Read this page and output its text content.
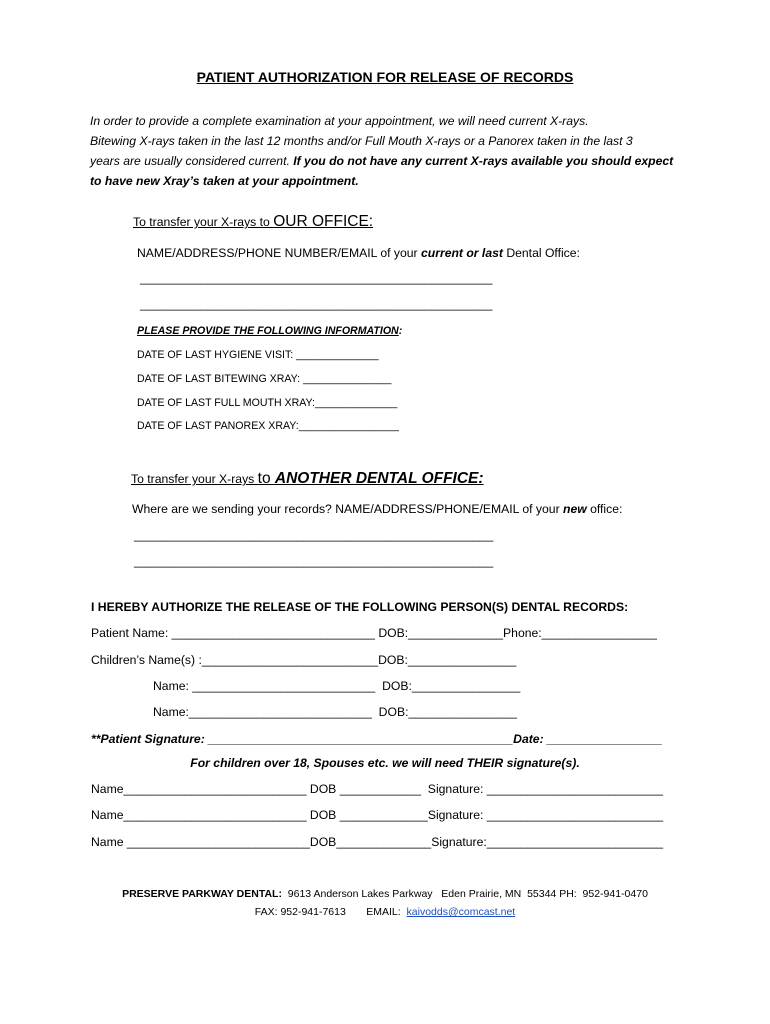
PATIENT AUTHORIZATION FOR RELEASE OF RECORDS
In order to provide a complete examination at your appointment, we will need current X-rays.
Bitewing X-rays taken in the last 12 months and/or Full Mouth X-rays or a Panorex taken in the last 3
years are usually considered current. If you do not have any current X-rays available you should expect
to have new Xray’s taken at your appointment.
To transfer your X-rays to OUR OFFICE:
NAME/ADDRESS/PHONE NUMBER/EMAIL of your current or last Dental Office:
____________________________________________________
____________________________________________________
PLEASE PROVIDE THE FOLLOWING INFORMATION:
DATE OF LAST HYGIENE VISIT: ______________
DATE OF LAST BITEWING XRAY: _______________
DATE OF LAST FULL MOUTH XRAY:______________
DATE OF LAST PANOREX XRAY:_________________
To transfer your X-rays to ANOTHER DENTAL OFFICE:
Where are we sending your records? NAME/ADDRESS/PHONE/EMAIL of your new office:
_____________________________________________________
_____________________________________________________
I HEREBY AUTHORIZE THE RELEASE OF THE FOLLOWING PERSON(S) DENTAL RECORDS:
Patient Name: ______________________________ DOB:______________Phone:_________________
Children’s Name(s) :__________________________DOB:________________
Name: ___________________________  DOB:________________
Name:___________________________  DOB:________________
**Patient Signature: _____________________________________________Date: _________________
For children over 18, Spouses etc. we will need THEIR signature(s).
Name___________________________ DOB ____________  Signature: __________________________
Name___________________________ DOB _____________Signature: __________________________
Name ___________________________DOB______________Signature:__________________________
PRESERVE PARKWAY DENTAL:  9613 Anderson Lakes Parkway   Eden Prairie, MN  55344 PH:  952-941-0470
FAX: 952-941-7613       EMAIL:  kaivodds@comcast.net
